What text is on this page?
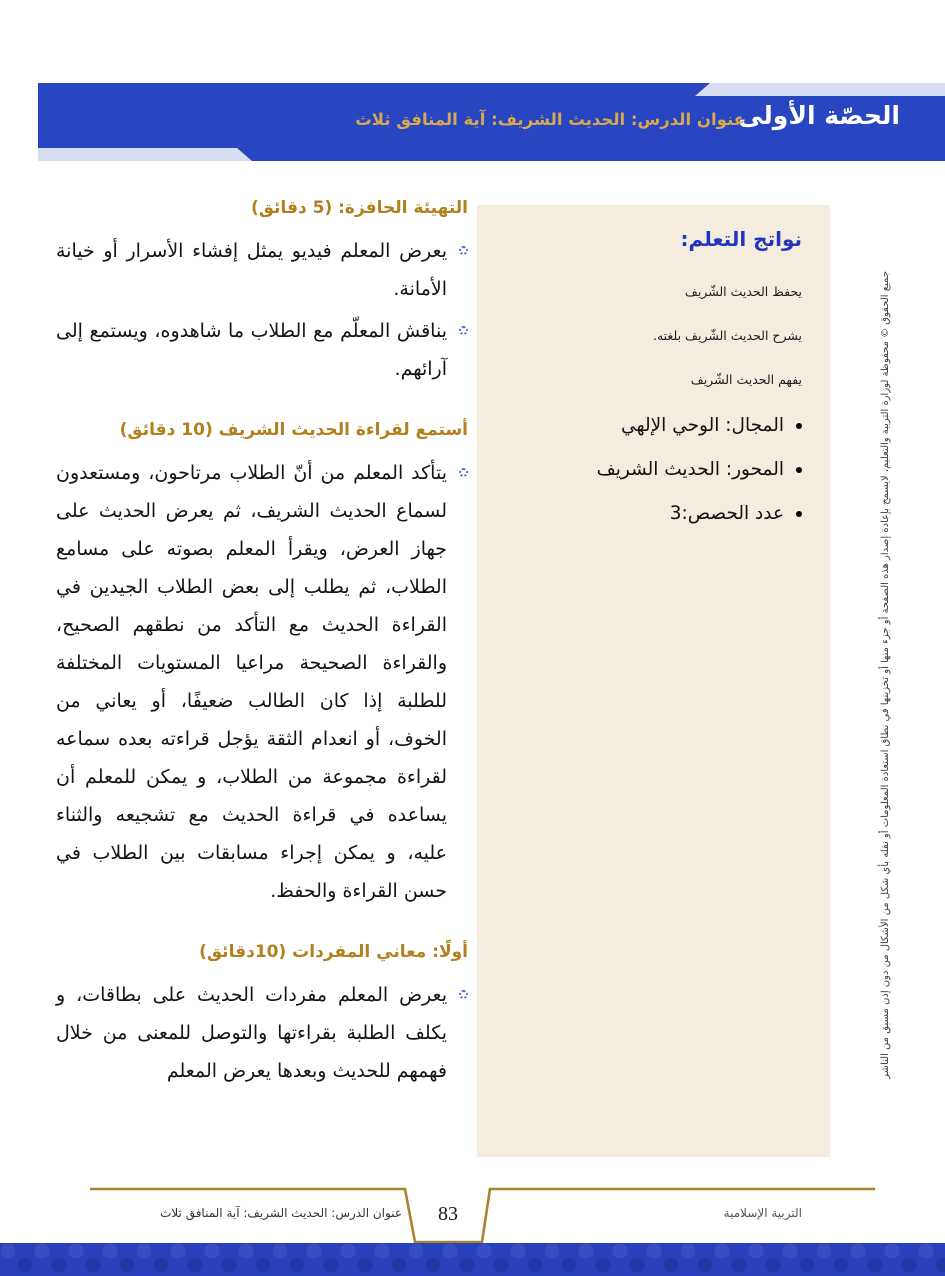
الحصّة الأولى
عنوان الدرس: الحديث الشريف: آية المنافق ثلاث
نواتج التعلم:
يحفظ الحديث الشّريف
يشرح الحديث الشّريف بلغته.
يفهم الحديث الشّريف
المجال: الوحي الإلهي
المحور: الحديث الشريف
عدد الحصص:3
التهيئة الحافزة: (5 دقائق)

يعرض المعلم فيديو يمثل إفشاء الأسرار أو خيانة الأمانة.

يناقش المعلّم مع الطلاب ما شاهدوه، ويستمع إلى آرائهم.

أستمع لقراءة الحديث الشريف (10 دقائق)

يتأكد المعلم من أنّ الطلاب مرتاحون، ومستعدون لسماع الحديث الشريف، ثم يعرض الحديث على جهاز العرض، ويقرأ المعلم بصوته على مسامع الطلاب، ثم يطلب إلى بعض الطلاب الجيدين في القراءة الحديث مع التأكد من نطقهم الصحيح، والقراءة الصحيحة مراعيا المستويات المختلفة للطلبة إذا كان الطالب ضعيفًا، أو يعاني من الخوف، أو انعدام الثقة يؤجل قراءته بعده سماعه لقراءة مجموعة من الطلاب، و يمكن للمعلم أن يساعده في قراءة الحديث مع تشجيعه والثناء عليه، و يمكن إجراء مسابقات بين الطلاب في حسن القراءة والحفظ.

أولًا: معاني المفردات (10دقائق)

يعرض المعلم مفردات الحديث على بطاقات، و يكلف الطلبة بقراءتها والتوصل للمعنى من خلال فهمهم للحديث وبعدها يعرض المعلم	جميع الحقوق © محفوظة لوزارة التربية والتعليم، لايسمح بإعادة إصدار هذه الصفحة أو جزء منها أو تخزينها في نطاق استعادة المعلومات أو نقله بأي شكل من الأشكال من دون إذن مسبق من الناشر
83	التربية الإسلامية
عنوان الدرس: الحديث الشريف: آية المنافق ثلاث
